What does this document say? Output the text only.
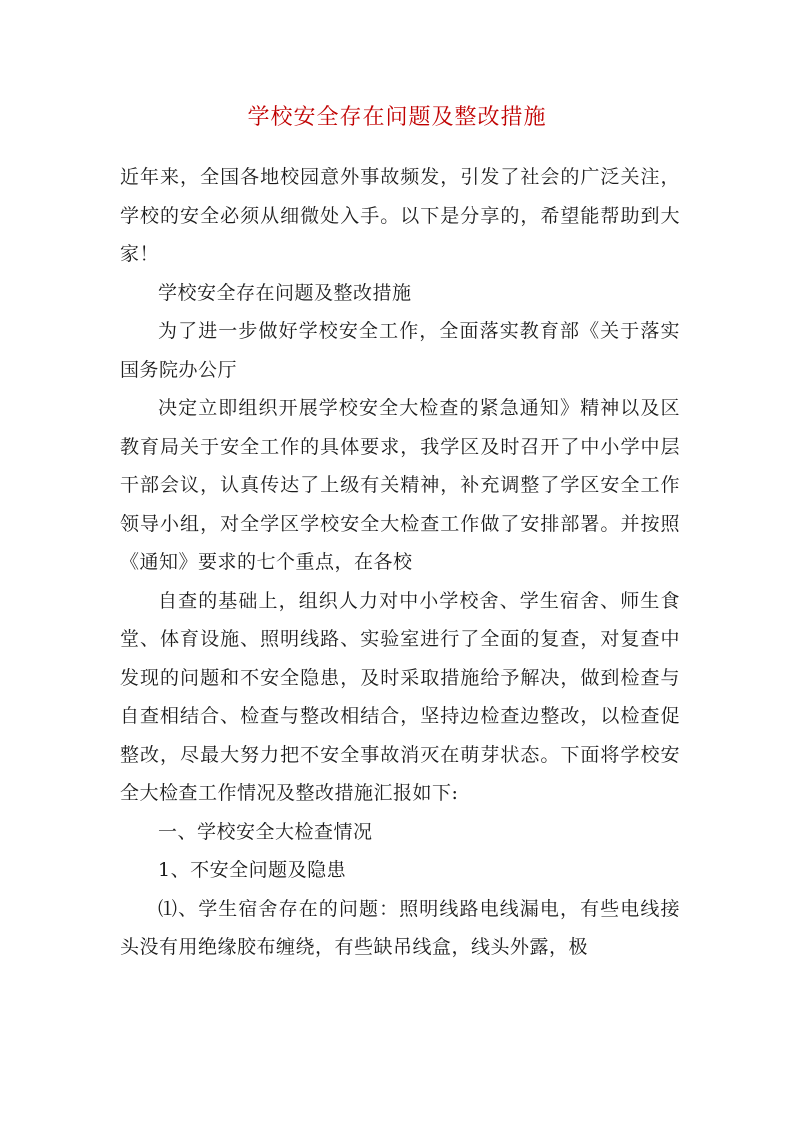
学校安全存在问题及整改措施

近年来，全国各地校园意外事故频发，引发了社会的广泛关注，学校的安全必须从细微处入手。以下是分享的，希望能帮助到大家！

学校安全存在问题及整改措施

为了进一步做好学校安全工作，全面落实教育部《关于落实国务院办公厅

决定立即组织开展学校安全大检查的紧急通知》精神以及区教育局关于安全工作的具体要求，我学区及时召开了中小学中层干部会议，认真传达了上级有关精神，补充调整了学区安全工作领导小组，对全学区学校安全大检查工作做了安排部署。并按照《通知》要求的七个重点，在各校

自查的基础上，组织人力对中小学校舍、学生宿舍、师生食堂、体育设施、照明线路、实验室进行了全面的复查，对复查中发现的问题和不安全隐患，及时采取措施给予解决，做到检查与自查相结合、检查与整改相结合，坚持边检查边整改，以检查促整改，尽最大努力把不安全事故消灭在萌芽状态。下面将学校安全大检查工作情况及整改措施汇报如下:

一、学校安全大检查情况

1、不安全问题及隐患

⑴、学生宿舍存在的问题：照明线路电线漏电，有些电线接头没有用绝缘胶布缠绕，有些缺吊线盒，线头外露，极
